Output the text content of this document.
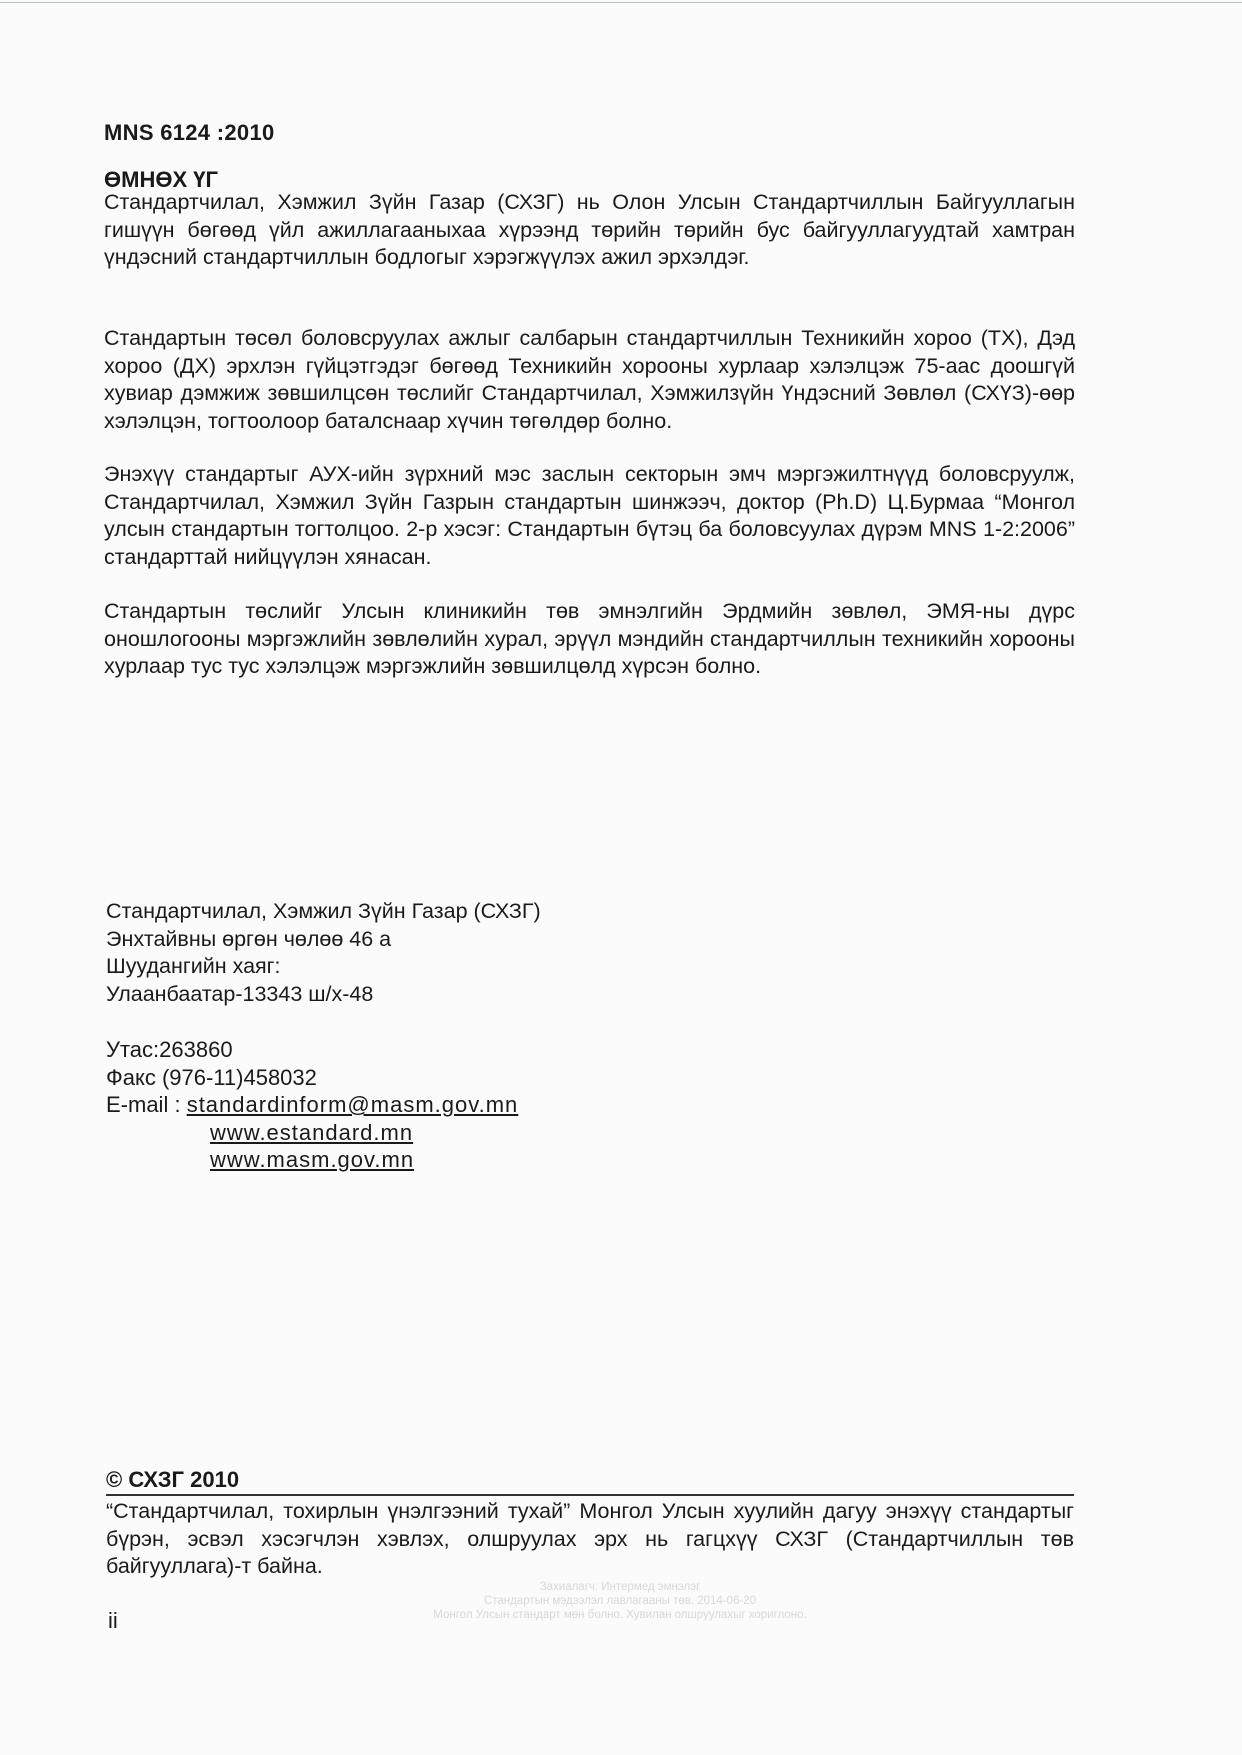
MNS 6124 :2010
ӨМНӨХ ҮГ
Стандартчилал, Хэмжил Зүйн Газар (СХЗГ) нь Олон Улсын Стандартчиллын Байгууллагын гишүүн бөгөөд үйл ажиллагааныхаа хүрээнд төрийн төрийн бус байгууллагуудтай хамтран үндэсний стандартчиллын бодлогыг хэрэгжүүлэх ажил эрхэлдэг.
Стандартын төсөл боловсруулах ажлыг салбарын стандартчиллын Техникийн хороо (ТХ), Дэд хороо (ДХ) эрхлэн гүйцэтгэдэг бөгөөд Техникийн хорооны хурлаар хэлэлцэж 75-аас доошгүй хувиар дэмжиж зөвшилцсөн төслийг Стандартчилал, Хэмжилзүйн Үндэсний Зөвлөл (СХҮЗ)-өөр хэлэлцэн, тогтоолоор баталснаар хүчин төгөлдөр болно.
Энэхүү стандартыг АУХ-ийн зүрхний мэс заслын секторын эмч мэргэжилтнүүд боловсруулж, Стандартчилал, Хэмжил Зүйн Газрын стандартын шинжээч, доктор (Ph.D) Ц.Бурмаа “Монгол улсын стандартын тогтолцоо. 2-р хэсэг: Стандартын бүтэц ба боловсуулах дүрэм MNS 1-2:2006” стандарттай нийцүүлэн хянасан.
Стандартын төслийг Улсын клиникийн төв эмнэлгийн Эрдмийн зөвлөл, ЭМЯ-ны дүрс оношлогооны мэргэжлийн зөвлөлийн хурал, эрүүл мэндийн стандартчиллын техникийн хорооны хурлаар тус тус хэлэлцэж мэргэжлийн зөвшилцөлд хүрсэн болно.
Стандартчилал, Хэмжил Зүйн Газар (СХЗГ)
Энхтайвны өргөн чөлөө 46 а
Шуудангийн хаяг:
Улаанбаатар-13343 ш/х-48
Утас:263860
Факс (976-11)458032
E-mail : standardinform@masm.gov.mn
www.estandard.mn
www.masm.gov.mn
© СХЗГ 2010
“Стандартчилал, тохирлын үнэлгээний тухай” Монгол Улсын хуулийн дагуу энэхүү стандартыг бүрэн, эсвэл хэсэгчлэн хэвлэх, олшруулах эрх нь гагцхүү СХЗГ (Стандартчиллын төв байгууллага)-т байна.
Захиалагч: Интермед эмнэлэг
Стандартын мэдээлэл лавлагааны төв. 2014-06-20
Монгол Улсын стандарт мөн болно. Хувилан олшруулахыг хориглоно.
ii
